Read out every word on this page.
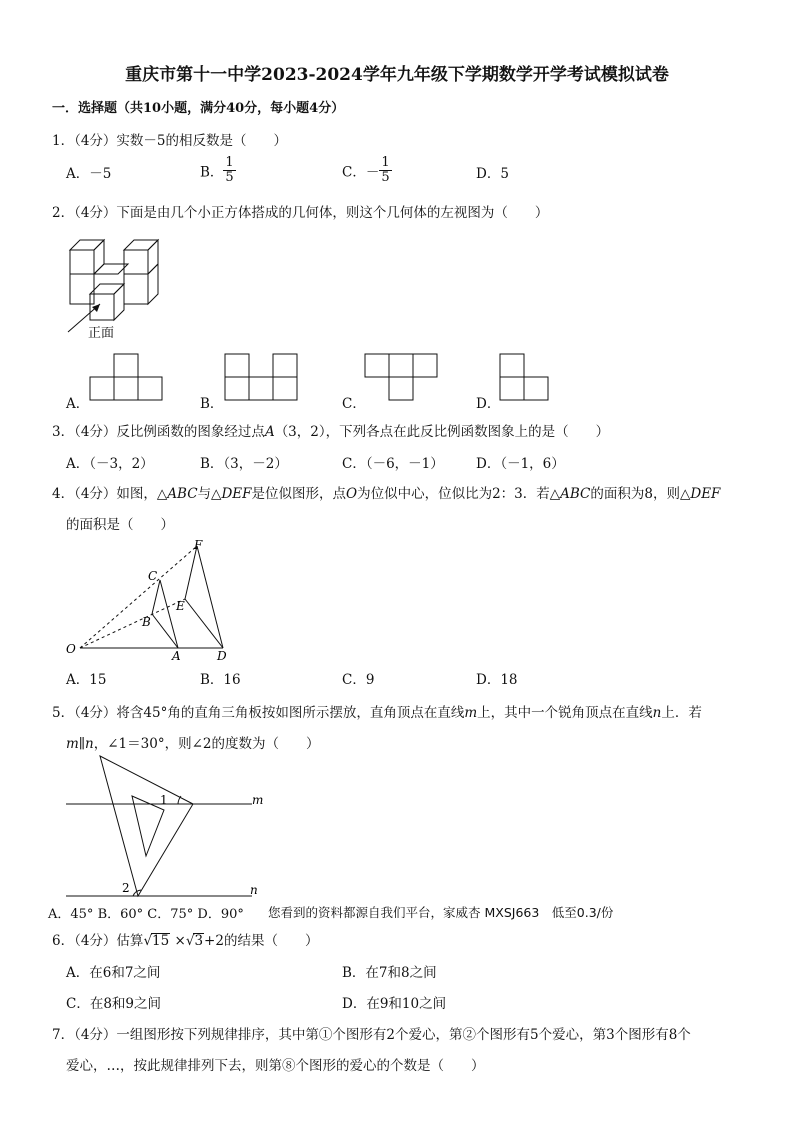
重庆市第十一中学2023-2024学年九年级下学期数学开学考试模拟试卷
一．选择题（共10小题，满分40分，每小题4分）
1．（4分）实数－5的相反数是（　　）
A．－5	B． $\frac{1}{5}$	C．－ $\frac{1}{5}$	D．5
2．（4分）下面是由几个小正方体搭成的几何体，则这个几何体的左视图为（　　）
正面
A．	B．	C．	D．
3．（4分）反比例函数的图象经过点A（3，2），下列各点在此反比例函数图象上的是（　　）
A．（－3，2）	B．（3，－2）	C．（－6，－1） D．（－1，6）
4．（4分）如图，△ABC与△DEF是位似图形，点O为位似中心，位似比为2：3．若△ABC的面积为8，则△DEF
的面积是（　　）
F
C
E
B
O	A	D
A．15	B．16	C．9	D．18
5．（4分）将含45°角的直角三角板按如图所示摆放，直角顶点在直线m上，其中一个锐角顶点在直线n上．若
m∥n，∠1＝30°，则∠2的度数为（　　）
1
2
m
n
A．45° B．60° C．75° D．90° 您看到的资料都源自我们平台，家威杏 MXSJ663　低至0.3/份
6．（4分）估算√15 ×√3+2的结果（　　）
A．在6和7之间	B．在7和8之间
C．在8和9之间	D．在9和10之间
7．（4分）一组图形按下列规律排序，其中第①个图形有2个爱心，第②个图形有5个爱心，第3个图形有8个
爱心，…，按此规律排列下去，则第⑧个图形的爱心的个数是（　　）
